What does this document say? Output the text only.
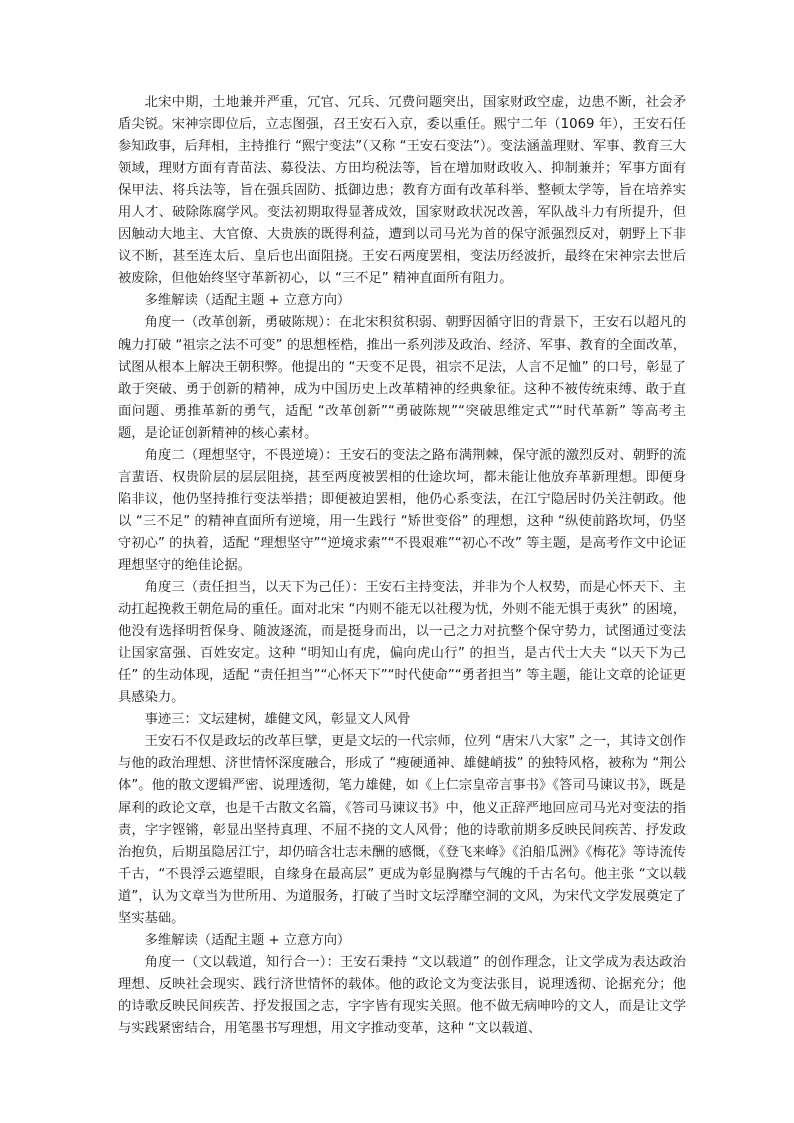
北宋中期，土地兼并严重，冗官、冗兵、冗费问题突出，国家财政空虚，边患不断，社会矛盾尖锐。宋神宗即位后，立志图强，召王安石入京，委以重任。熙宁二年（1069 年），王安石任参知政事，后拜相，主持推行 “熙宁变法”（又称 “王安石变法”）。变法涵盖理财、军事、教育三大领域，理财方面有青苗法、募役法、方田均税法等，旨在增加财政收入、抑制兼并；军事方面有保甲法、将兵法等，旨在强兵固防、抵御边患；教育方面有改革科举、整顿太学等，旨在培养实用人才、破除陈腐学风。变法初期取得显著成效，国家财政状况改善，军队战斗力有所提升，但因触动大地主、大官僚、大贵族的既得利益，遭到以司马光为首的保守派强烈反对，朝野上下非议不断，甚至连太后、皇后也出面阻挠。王安石两度罢相，变法历经波折，最终在宋神宗去世后被废除，但他始终坚守革新初心，以 “三不足” 精神直面所有阻力。

多维解读（适配主题 + 立意方向）

角度一（改革创新，勇破陈规）：在北宋积贫积弱、朝野因循守旧的背景下，王安石以超凡的魄力打破 “祖宗之法不可变” 的思想桎梏，推出一系列涉及政治、经济、军事、教育的全面改革，试图从根本上解决王朝积弊。他提出的 “天变不足畏，祖宗不足法，人言不足恤” 的口号，彰显了敢于突破、勇于创新的精神，成为中国历史上改革精神的经典象征。这种不被传统束缚、敢于直面问题、勇推革新的勇气，适配 “改革创新”“勇破陈规”“突破思维定式”“时代革新” 等高考主题，是论证创新精神的核心素材。

角度二（理想坚守，不畏逆境）：王安石的变法之路布满荆棘，保守派的激烈反对、朝野的流言蜚语、权贵阶层的层层阻挠，甚至两度被罢相的仕途坎坷，都未能让他放弃革新理想。即便身陷非议，他仍坚持推行变法举措；即便被迫罢相，他仍心系变法，在江宁隐居时仍关注朝政。他以 “三不足” 的精神直面所有逆境，用一生践行 “矫世变俗” 的理想，这种 “纵使前路坎坷，仍坚守初心” 的执着，适配 “理想坚守”“逆境求索”“不畏艰难”“初心不改” 等主题，是高考作文中论证理想坚守的绝佳论据。

角度三（责任担当，以天下为己任）：王安石主持变法，并非为个人权势，而是心怀天下、主动扛起挽救王朝危局的重任。面对北宋 “内则不能无以社稷为忧，外则不能无惧于夷狄” 的困境，他没有选择明哲保身、随波逐流，而是挺身而出，以一己之力对抗整个保守势力，试图通过变法让国家富强、百姓安定。这种 “明知山有虎，偏向虎山行” 的担当，是古代士大夫 “以天下为己任” 的生动体现，适配 “责任担当”“心怀天下”“时代使命”“勇者担当” 等主题，能让文章的论证更具感染力。

事迹三：文坛建树，雄健文风，彰显文人风骨

王安石不仅是政坛的改革巨擘，更是文坛的一代宗师，位列 “唐宋八大家” 之一，其诗文创作与他的政治理想、济世情怀深度融合，形成了 “瘦硬通神、雄健峭拔” 的独特风格，被称为 “荆公体”。他的散文逻辑严密、说理透彻，笔力雄健，如《上仁宗皇帝言事书》《答司马谏议书》，既是犀利的政论文章，也是千古散文名篇，《答司马谏议书》中，他义正辞严地回应司马光对变法的指责，字字铿锵，彰显出坚持真理、不屈不挠的文人风骨；他的诗歌前期多反映民间疾苦、抒发政治抱负，后期虽隐居江宁，却仍暗含壮志未酬的感慨，《登飞来峰》《泊船瓜洲》《梅花》等诗流传千古，“不畏浮云遮望眼，自缘身在最高层” 更成为彰显胸襟与气魄的千古名句。他主张 “文以载道”，认为文章当为世所用、为道服务，打破了当时文坛浮靡空洞的文风，为宋代文学发展奠定了坚实基础。

多维解读（适配主题 + 立意方向）

角度一（文以载道，知行合一）：王安石秉持 “文以载道” 的创作理念，让文学成为表达政治理想、反映社会现实、践行济世情怀的载体。他的政论文为变法张目，说理透彻、论据充分；他的诗歌反映民间疾苦、抒发报国之志，字字皆有现实关照。他不做无病呻吟的文人，而是让文学与实践紧密结合，用笔墨书写理想，用文字推动变革，这种 “文以载道、
